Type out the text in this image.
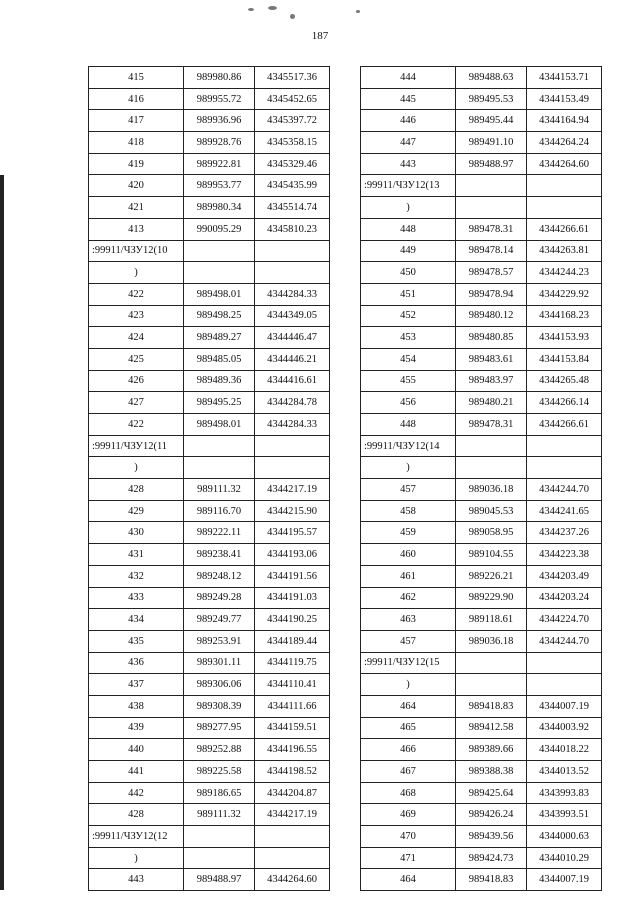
187
415	989980.86	4345517.36
416	989955.72	4345452.65
417	989936.96	4345397.72
418	989928.76	4345358.15
419	989922.81	4345329.46
420	989953.77	4345435.99
421	989980.34	4345514.74
413	990095.29	4345810.23
:99911/ЧЗУ12(10		
)		
422	989498.01	4344284.33
423	989498.25	4344349.05
424	989489.27	4344446.47
425	989485.05	4344446.21
426	989489.36	4344416.61
427	989495.25	4344284.78
422	989498.01	4344284.33
:99911/ЧЗУ12(11		
)		
428	989111.32	4344217.19
429	989116.70	4344215.90
430	989222.11	4344195.57
431	989238.41	4344193.06
432	989248.12	4344191.56
433	989249.28	4344191.03
434	989249.77	4344190.25
435	989253.91	4344189.44
436	989301.11	4344119.75
437	989306.06	4344110.41
438	989308.39	4344111.66
439	989277.95	4344159.51
440	989252.88	4344196.55
441	989225.58	4344198.52
442	989186.65	4344204.87
428	989111.32	4344217.19
:99911/ЧЗУ12(12		
)		
443	989488.97	4344264.60
444	989488.63	4344153.71
445	989495.53	4344153.49
446	989495.44	4344164.94
447	989491.10	4344264.24
443	989488.97	4344264.60
:99911/ЧЗУ12(13		
)		
448	989478.31	4344266.61
449	989478.14	4344263.81
450	989478.57	4344244.23
451	989478.94	4344229.92
452	989480.12	4344168.23
453	989480.85	4344153.93
454	989483.61	4344153.84
455	989483.97	4344265.48
456	989480.21	4344266.14
448	989478.31	4344266.61
:99911/ЧЗУ12(14		
)		
457	989036.18	4344244.70
458	989045.53	4344241.65
459	989058.95	4344237.26
460	989104.55	4344223.38
461	989226.21	4344203.49
462	989229.90	4344203.24
463	989118.61	4344224.70
457	989036.18	4344244.70
:99911/ЧЗУ12(15		
)		
464	989418.83	4344007.19
465	989412.58	4344003.92
466	989389.66	4344018.22
467	989388.38	4344013.52
468	989425.64	4343993.83
469	989426.24	4343993.51
470	989439.56	4344000.63
471	989424.73	4344010.29
464	989418.83	4344007.19
